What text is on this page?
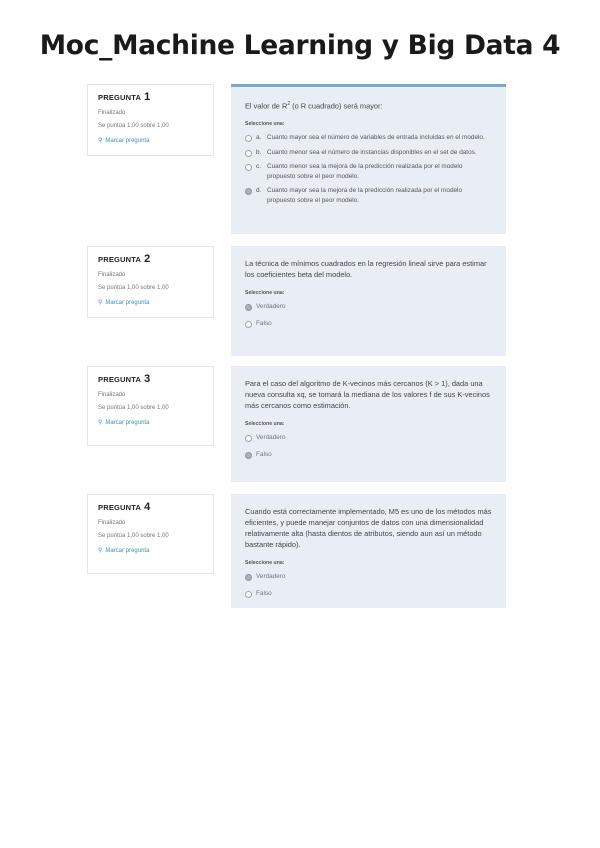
Moc_Machine Learning y Big Data 4
PREGUNTA 1
Finalizado
Se puntúa 1,00 sobre 1,00
⚲ Marcar pregunta
El valor de $R^2$ (o R cuadrado) será mayor:
Seleccione una:
a. Cuanto mayor sea el número de variables de entrada incluidas en el modelo.
b. Cuanto menor sea el número de instancias disponibles en el set de datos.
c. Cuanto menor sea la mejora de la predicción realizada por el modelo propuesto sobre el peor modelo.
d. Cuanto mayor sea la mejora de la predicción realizada por el modelo propuesto sobre el peor modelo.
PREGUNTA 2
Finalizado
Se puntúa 1,00 sobre 1,00
⚲ Marcar pregunta
La técnica de mínimos cuadrados en la regresión lineal sirve para estimar los coeficientes beta del modelo.
Seleccione una:
Verdadero
Falso
PREGUNTA 3
Finalizado
Se puntúa 1,00 sobre 1,00
⚲ Marcar pregunta
Para el caso del algoritmo de K-vecinos más cercanos (K > 1), dada una nueva consulta xq, se tomará la mediana de los valores f de sus K-vecinos más cercanos como estimación.
Seleccione una:
Verdadero
Falso
PREGUNTA 4
Finalizado
Se puntúa 1,00 sobre 1,00
⚲ Marcar pregunta
Cuando está correctamente implementado, M5 es uno de los métodos más eficientes, y puede manejar conjuntos de datos con una dimensionalidad relativamente alta (hasta dientos de atributos, siendo aun así un método bastante rápido).
Seleccione una:
Verdadero
Falso
